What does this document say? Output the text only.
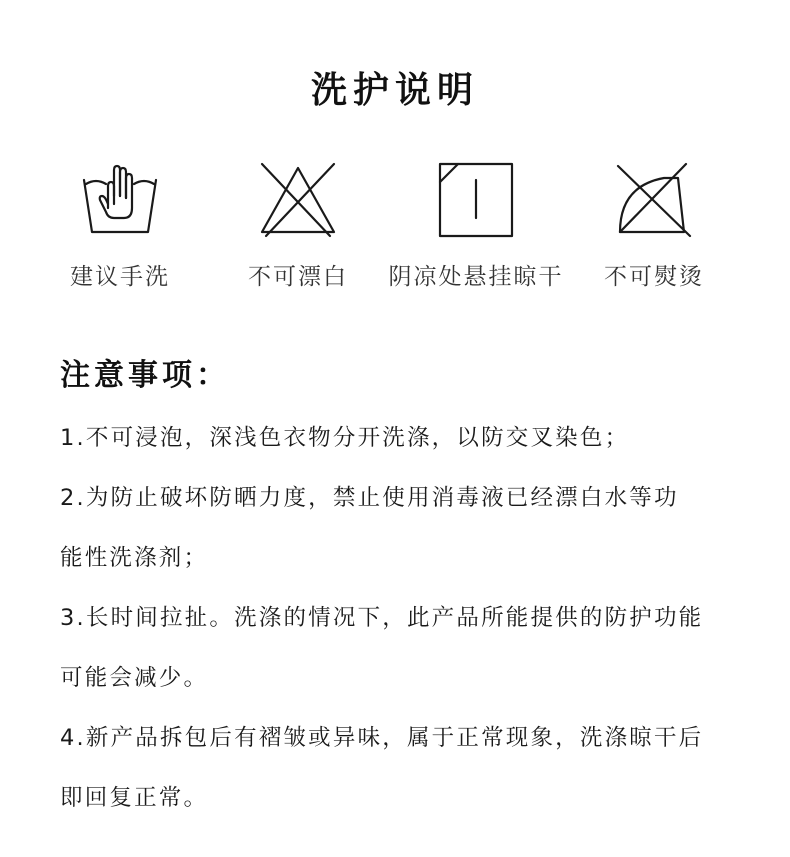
洗护说明
建议手洗	不可漂白	阴凉处悬挂晾干	不可熨烫
注意事项：
1.不可浸泡，深浅色衣物分开洗涤，以防交叉染色；
2.为防止破坏防晒力度，禁止使用消毒液已经漂白水等功
能性洗涤剂；
3.长时间拉扯。洗涤的情况下，此产品所能提供的防护功能
可能会减少。
4.新产品拆包后有褶皱或异味，属于正常现象，洗涤晾干后
即回复正常。
